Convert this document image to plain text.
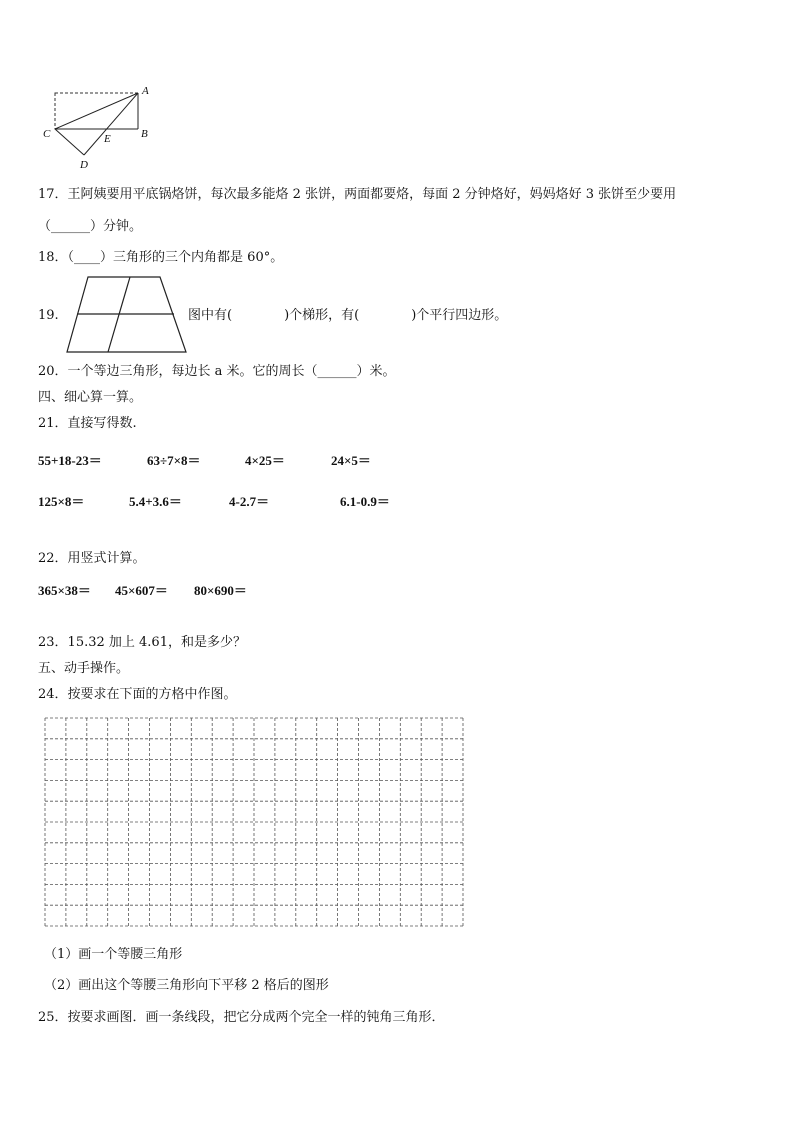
A
B
C
D
E
17．王阿姨要用平底锅烙饼，每次最多能烙 2 张饼，两面都要烙，每面 2 分钟烙好，妈妈烙好 3 张饼至少要用
（______）分钟。
18．（____）三角形的三个内角都是 60°。
19.	图中有(　　　　)个梯形，有(　　　　)个平行四边形。
20．一个等边三角形，每边长 a 米。它的周长（______）米。
四、细心算一算。
21．直接写得数.
55+18-23＝	63÷7×8＝	4×25＝	24×5＝
125×8＝	5.4+3.6＝	4-2.7＝	6.1-0.9＝
22．用竖式计算。
365×38＝ 45×607＝ 80×690＝
23．15.32 加上 4.61，和是多少？
五、动手操作。
24．按要求在下面的方格中作图。
（1）画一个等腰三角形
（2）画出这个等腰三角形向下平移 2 格后的图形
25．按要求画图．画一条线段，把它分成两个完全一样的钝角三角形．
